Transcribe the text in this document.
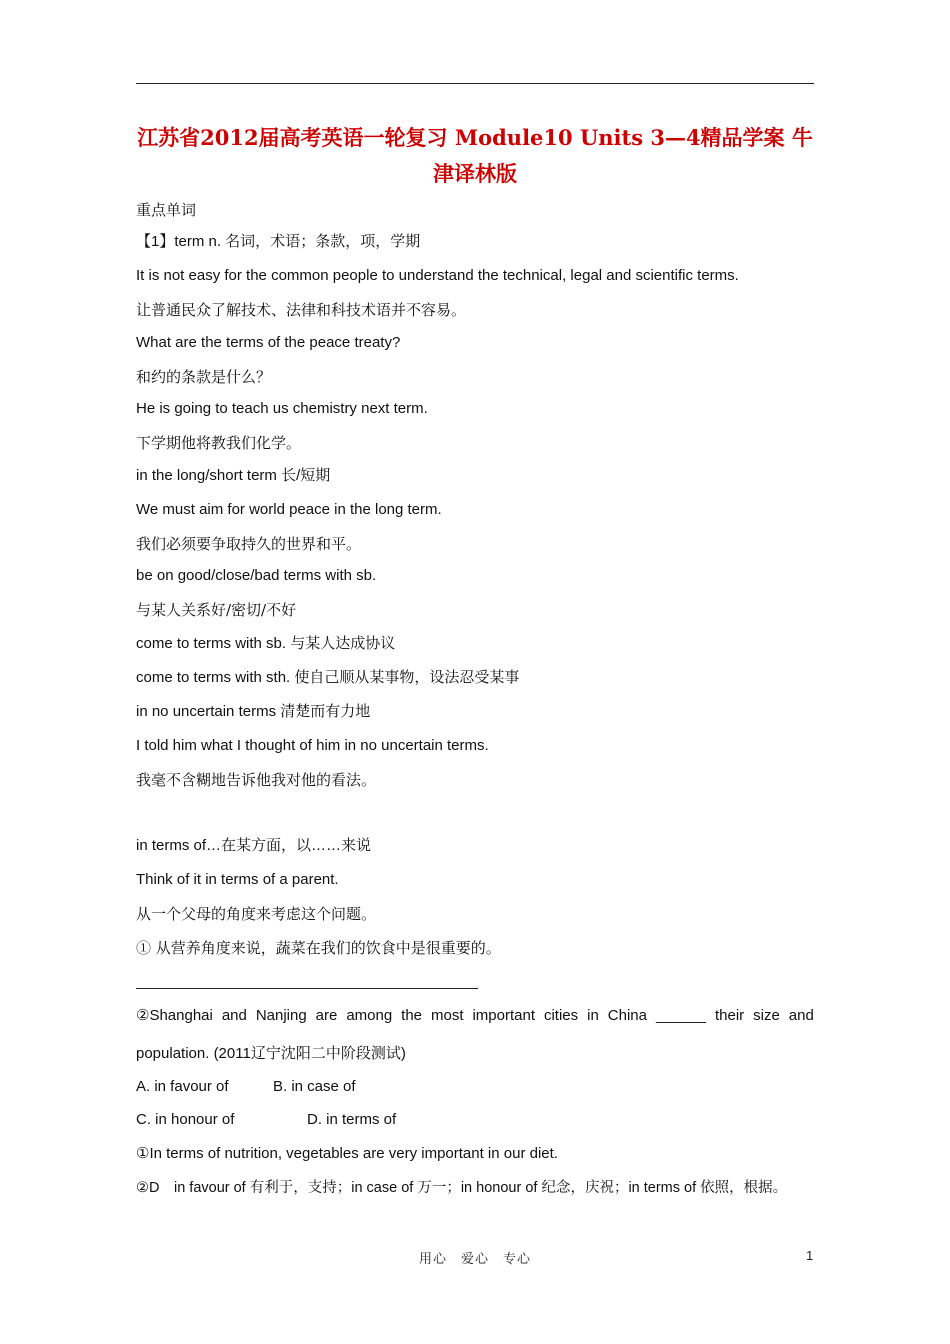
江苏省2012届高考英语一轮复习 Module10 Units 3—4精品学案 牛
津译林版
重点单词
【1】term n. 名词，术语；条款，项，学期
It is not easy for the common people to understand the technical, legal and scientific terms.
让普通民众了解技术、法律和科技术语并不容易。
What are the terms of the peace treaty?
和约的条款是什么？
He is going to teach us chemistry next term.
下学期他将教我们化学。
in the long/short term 长/短期
We must aim for world peace in the long term.
我们必须要争取持久的世界和平。
be on good/close/bad terms with sb.
与某人关系好/密切/不好
come to terms with sb. 与某人达成协议
come to terms with sth. 使自己顺从某事物，设法忍受某事
in no uncertain terms 清楚而有力地
I told him what I thought of him in no uncertain terms.
我毫不含糊地告诉他我对他的看法。
in terms of…在某方面，以……来说
Think of it in terms of a parent.
从一个父母的角度来考虑这个问题。
① 从营养角度来说，蔬菜在我们的饮食中是很重要的。
②Shanghai and Nanjing are among the most important cities in China ______ their size and
population. (2011辽宁沈阳二中阶段测试)
A. in favour of	B. in case of
C. in honour of	D. in terms of
①In terms of nutrition, vegetables are very important in our diet.
②D　in favour of 有利于，支持；in case of 万一；in honour of 纪念，庆祝；in terms of 依照，根据。
用心　爱心　专心	1
